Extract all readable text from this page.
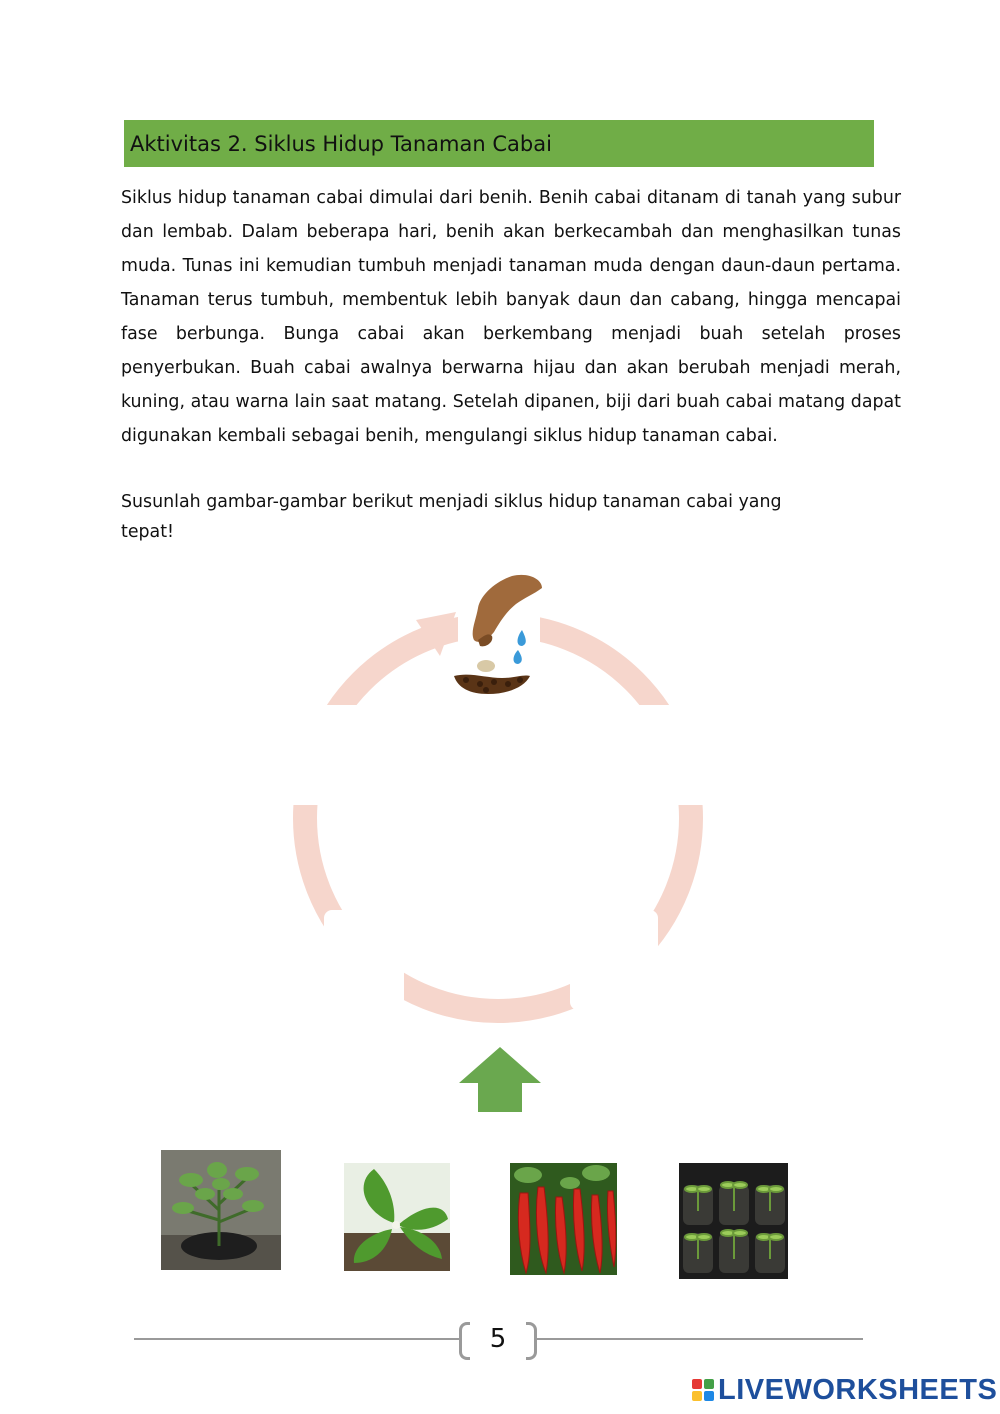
Aktivitas 2. Siklus Hidup Tanaman Cabai

Siklus hidup tanaman cabai dimulai dari benih. Benih cabai ditanam di tanah yang subur dan lembab. Dalam beberapa hari, benih akan berkecambah dan menghasilkan tunas muda. Tunas ini kemudian tumbuh menjadi tanaman muda dengan daun-daun pertama. Tanaman terus tumbuh, membentuk lebih banyak daun dan cabang, hingga mencapai fase berbunga. Bunga cabai akan berkembang menjadi buah setelah proses penyerbukan. Buah cabai awalnya berwarna hijau dan akan berubah menjadi merah, kuning, atau warna lain saat matang. Setelah dipanen, biji dari buah cabai matang dapat digunakan kembali sebagai benih, mengulangi siklus hidup tanaman cabai.

Susunlah gambar-gambar berikut menjadi siklus hidup tanaman cabai yang
tepat!
5
LIVEWORKSHEETS
